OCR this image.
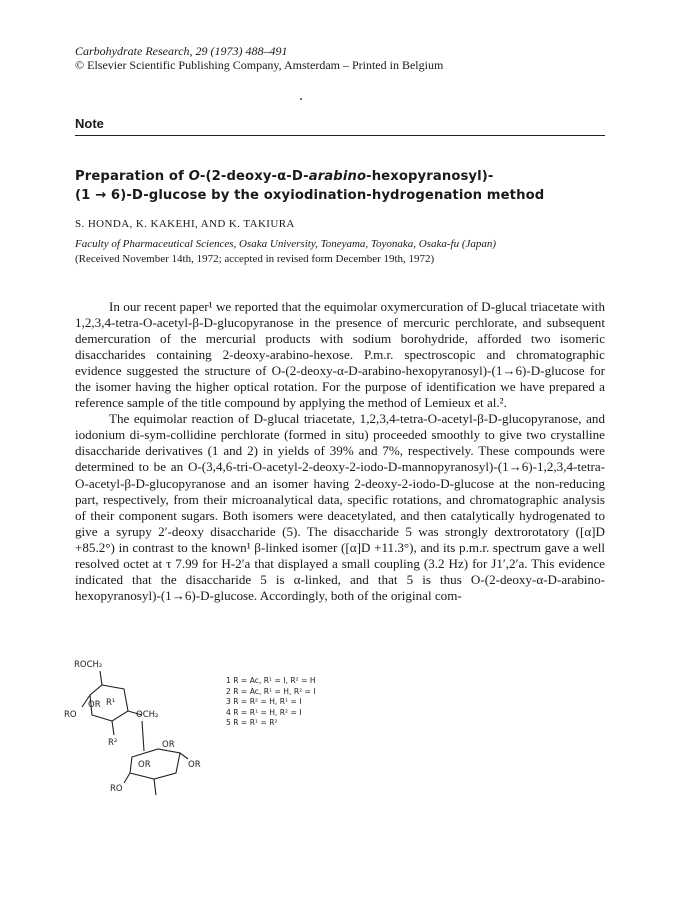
Carbohydrate Research, 29 (1973) 488–491
© Elsevier Scientific Publishing Company, Amsterdam – Printed in Belgium
Note
Preparation of O-(2-deoxy-α-D-arabino-hexopyranosyl)-
(1 → 6)-D-glucose by the oxyiodination-hydrogenation method
S. HONDA, K. KAKEHI, AND K. TAKIURA
Faculty of Pharmaceutical Sciences, Osaka University, Toneyama, Toyonaka, Osaka-fu (Japan)
(Received November 14th, 1972; accepted in revised form December 19th, 1972)

In our recent paper¹ we reported that the equimolar oxymercuration of D-glucal triacetate with 1,2,3,4-tetra-O-acetyl-β-D-glucopyranose in the presence of mercuric perchlorate, and subsequent demercuration of the mercurial products with sodium borohydride, afforded two isomeric disaccharides containing 2-deoxy-arabino-hexose. P.m.r. spectroscopic and chromatographic evidence suggested the structure of O-(2-deoxy-α-D-arabino-hexopyranosyl)-(1→6)-D-glucose for the isomer having the higher optical rotation. For the purpose of identification we have prepared a reference sample of the title compound by applying the method of Lemieux et al.².

The equimolar reaction of D-glucal triacetate, 1,2,3,4-tetra-O-acetyl-β-D-glucopyranose, and iodonium di-sym-collidine perchlorate (formed in situ) proceeded smoothly to give two crystalline disaccharide derivatives (1 and 2) in yields of 39% and 7%, respectively. These compounds were determined to be an O-(3,4,6-tri-O-acetyl-2-deoxy-2-iodo-D-mannopyranosyl)-(1→6)-1,2,3,4-tetra-O-acetyl-β-D-glucopyranose and an isomer having 2-deoxy-2-iodo-D-glucose at the non-reducing part, respectively, from their microanalytical data, specific rotations, and chromatographic analysis of their component sugars. Both isomers were deacetylated, and then catalytically hydrogenated to give a syrupy 2′-deoxy disaccharide (5). The disaccharide 5 was strongly dextrorotatory ([α]D +85.2°) in contrast to the known¹ β-linked isomer ([α]D +11.3°), and its p.m.r. spectrum gave a well resolved octet at τ 7.99 for H-2′a that displayed a small coupling (3.2 Hz) for J1′,2′a. This evidence indicated that the disaccharide 5 is α-linked, and that 5 is thus O-(2-deoxy-α-D-arabino-hexopyranosyl)-(1→6)-D-glucose. Accordingly, both of the original com-

ROCH₂
OR R¹
RO
R²
OCH₂
OR
OR
OR
RO
1 R = Ac, R¹ = I, R² = H
2 R = Ac, R¹ = H, R² = I
3 R = R² = H, R¹ = I
4 R = R¹ = H, R² = I
5 R = R¹ = R²
